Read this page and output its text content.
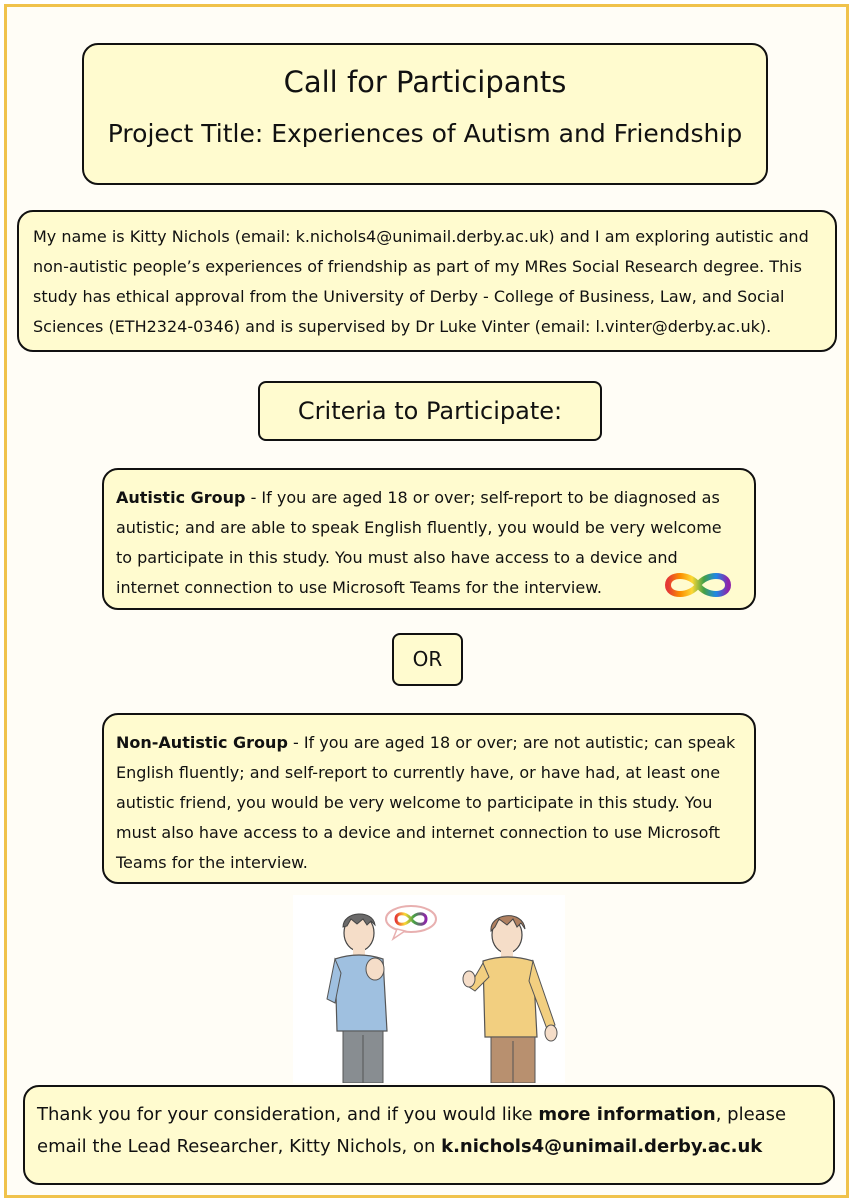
Call for Participants
Project Title: Experiences of Autism and Friendship
My name is Kitty Nichols (email: k.nichols4@unimail.derby.ac.uk) and I am exploring autistic and non-autistic people’s experiences of friendship as part of my MRes Social Research degree. This study has ethical approval from the University of Derby - College of Business, Law, and Social Sciences (ETH2324-0346) and is supervised by Dr Luke Vinter (email: l.vinter@derby.ac.uk).
Criteria to Participate:
Autistic Group - If you are aged 18 or over; self-report to be diagnosed as autistic; and are able to speak English fluently, you would be very welcome to participate in this study. You must also have access to a device and internet connection to use Microsoft Teams for the interview.
OR
Non-Autistic Group - If you are aged 18 or over; are not autistic; can speak English fluently; and self-report to currently have, or have had, at least one autistic friend, you would be very welcome to participate in this study. You must also have access to a device and internet connection to use Microsoft Teams for the interview.
Thank you for your consideration, and if you would like more information, please email the Lead Researcher, Kitty Nichols, on k.nichols4@unimail.derby.ac.uk
